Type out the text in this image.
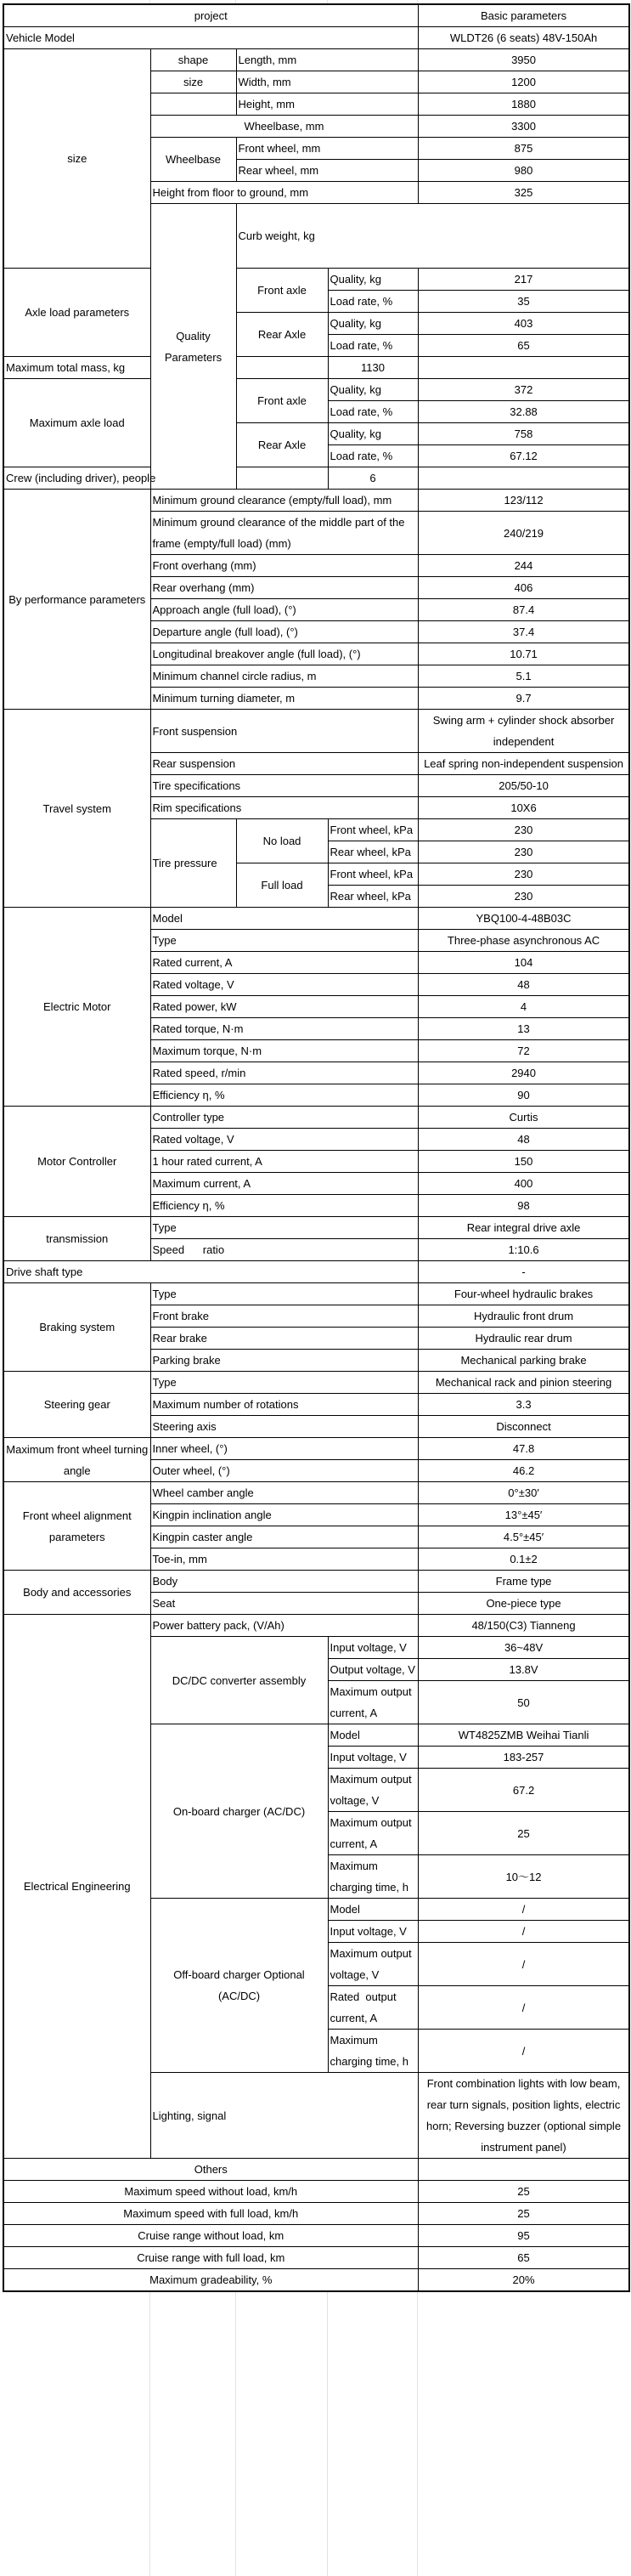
project				Basic parameters	
Vehicle Model				WLDT26 (6 seats) 48V-150Ah	
size	shape	Length, mm		3950	
	size	Width, mm		1200	
		Height, mm		1880	
	Wheelbase, mm			3300	
	Wheelbase	Front wheel, mm		875	
		Rear wheel, mm		980	
	Height from floor to ground, mm			325	
	Quality Parameters	Curb weight, kg	
Axle load parameters		Front axle	Quality, kg	217	
			Load rate, %	35	
		Rear Axle	Quality, kg	403	
			Load rate, %	65	
Maximum total mass, kg			1130		
Maximum axle load		Front axle	Quality, kg	372	
			Load rate, %	32.88	
		Rear Axle	Quality, kg	758	
			Load rate, %	67.12	
Crew (including driver), people			6		
By performance parameters	Minimum ground clearance (empty/full load), mm			123/112	
	Minimum ground clearance of the middle part of the frame (empty/full load) (mm)			240/219	
	Front overhang (mm)			244	
	Rear overhang (mm)			406	
	Approach angle (full load), (°)			87.4	
	Departure angle (full load), (°)			37.4	
	Longitudinal breakover angle (full load), (°)			10.71	
	Minimum channel circle radius, m			5.1	
	Minimum turning diameter, m			9.7	
Travel system	Front suspension			Swing arm + cylinder shock absorber independent	
	Rear suspension			Leaf spring non-independent suspension	
	Tire specifications			205/50-10	
	Rim specifications			10X6	
	Tire pressure	No load	Front wheel, kPa	230	
			Rear wheel, kPa	230	
		Full load	Front wheel, kPa	230	
			Rear wheel, kPa	230	
Electric Motor	Model			YBQ100-4-48B03C	
	Type			Three-phase asynchronous AC	
	Rated current, A			104	
	Rated voltage, V			48	
	Rated power, kW			4	
	Rated torque, N·m			13	
	Maximum torque, N·m			72	
	Rated speed, r/min			2940	
	Efficiency η, %			90	
Motor Controller	Controller type			Curtis	
	Rated voltage, V			48	
	1 hour rated current, A			150	
	Maximum current, A			400	
	Efficiency η, %			98	
transmission	Type			Rear integral drive axle	
	Speed      ratio			1:10.6	
Drive shaft type				-	
Braking system	Type			Four-wheel hydraulic brakes	
	Front brake			Hydraulic front drum	
	Rear brake			Hydraulic rear drum	
	Parking brake			Mechanical parking brake	
Steering gear	Type			Mechanical rack and pinion steering	
	Maximum number of rotations			3.3	
	Steering axis			Disconnect	
Maximum front wheel turning angle	Inner wheel, (°)			47.8	
	Outer wheel, (°)			46.2	
Front wheel alignment parameters	Wheel camber angle			0°±30′	
	Kingpin inclination angle			13°±45′	
	Kingpin caster angle			4.5°±45′	
	Toe-in, mm			0.1±2	
Body and accessories	Body			Frame type	
	Seat			One-piece type	
Electrical Engineering	Power battery pack, (V/Ah)			48/150(C3) Tianneng	
	DC/DC converter assembly		Input voltage, V	36~48V	
			Output voltage, V	13.8V	
			Maximum output current, A	50	
	On-board charger (AC/DC)		Model	WT4825ZMB Weihai Tianli	
			Input voltage, V	183-257	
			Maximum output voltage, V	67.2	
			Maximum output current, A	25	
			Maximum charging time, h	10～12	
	Off-board charger Optional (AC/DC)		Model	/	
			Input voltage, V	/	
			Maximum output voltage, V	/	
			Rated  output current, A	/	
			Maximum charging time, h	/	
	Lighting, signal			Front combination lights with low beam, rear turn signals, position lights, electric horn; Reversing buzzer (optional simple instrument panel)	
Others					
Maximum speed without load, km/h				25	
Maximum speed with full load, km/h				25	
Cruise range without load, km				95	
Cruise range with full load, km				65	
Maximum gradeability, %				20%	
